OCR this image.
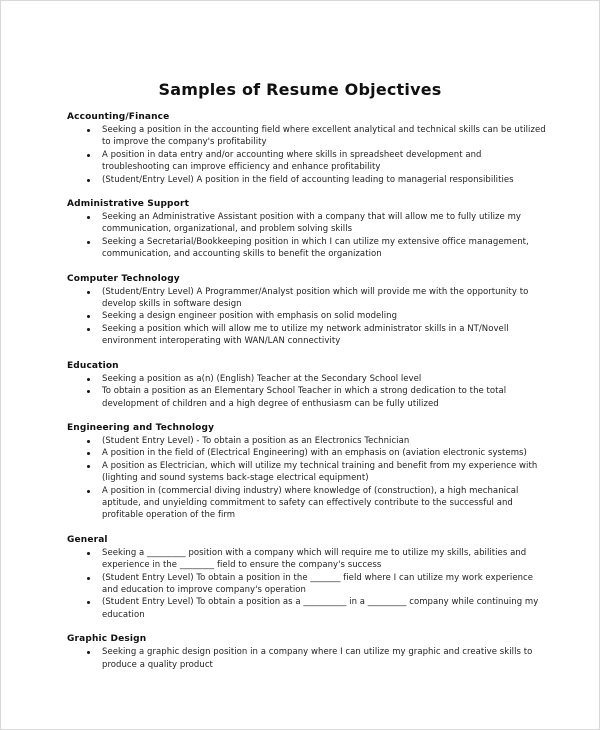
Samples of Resume Objectives
Accounting/Finance
Seeking a position in the accounting field where excellent analytical and technical skills can be utilized to improve the company's profitability
A position in data entry and/or accounting where skills in spreadsheet development and troubleshooting can improve efficiency and enhance profitability
(Student/Entry Level) A position in the field of accounting leading to managerial responsibilities
Administrative Support
Seeking an Administrative Assistant position with a company that will allow me to fully utilize my communication, organizational, and problem solving skills
Seeking a Secretarial/Bookkeeping position in which I can utilize my extensive office management, communication, and accounting skills to benefit the organization
Computer Technology
(Student/Entry Level) A Programmer/Analyst position which will provide me with the opportunity to develop skills in software design
Seeking a design engineer position with emphasis on solid modeling
Seeking a position which will allow me to utilize my network administrator skills in a NT/Novell environment interoperating with WAN/LAN connectivity
Education
Seeking a position as a(n) (English) Teacher at the Secondary School level
To obtain a position as an Elementary School Teacher in which a strong dedication to the total development of children and a high degree of enthusiasm can be fully utilized
Engineering and Technology
(Student Entry Level) - To obtain a position as an Electronics Technician
A position in the field of (Electrical Engineering) with an emphasis on (aviation electronic systems)
A position as Electrician, which will utilize my technical training and benefit from my experience with (lighting and sound systems back-stage electrical equipment)
A position in (commercial diving industry) where knowledge of (construction), a high mechanical aptitude, and unyielding commitment to safety can effectively contribute to the successful and profitable operation of the firm
General
Seeking a _________ position with a company which will require me to utilize my skills, abilities and experience in the ________ field to ensure the company's success
(Student Entry Level) To obtain a position in the _______ field where I can utilize my work experience and education to improve company's operation
(Student Entry Level) To obtain a position as a __________ in a _________ company while continuing my education
Graphic Design
Seeking a graphic design position in a company where I can utilize my graphic and creative skills to produce a quality product
